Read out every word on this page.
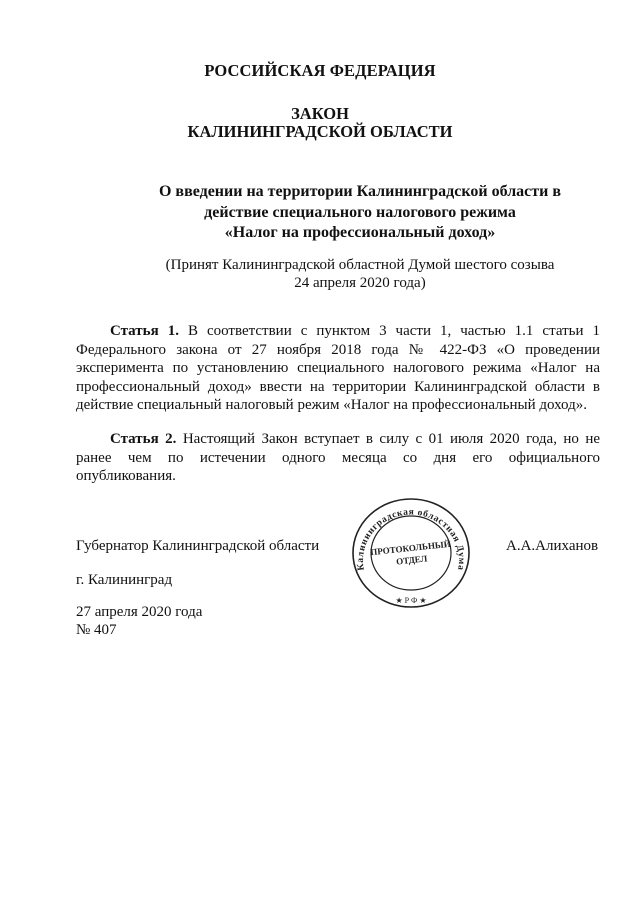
РОССИЙСКАЯ ФЕДЕРАЦИЯ
ЗАКОН
КАЛИНИНГРАДСКОЙ ОБЛАСТИ
О введении на территории Калининградской области в
действие специального налогового режима
«Налог на профессиональный доход»
(Принят Калининградской областной Думой шестого созыва
24 апреля 2020 года)
Статья 1. В соответствии с пунктом 3 части 1, частью 1.1 статьи 1
Федерального закона от 27 ноября 2018 года № 422-ФЗ «О проведении
эксперимента по установлению специального налогового режима «Налог на
профессиональный доход» ввести на территории Калининградской области в
действие специальный налоговый режим «Налог на профессиональный доход».
Статья 2. Настоящий Закон вступает в силу с 01 июля 2020 года, но не
ранее чем по истечении одного месяца со дня его официального
опубликования.
Губернатор Калининградской области	А.А.Алиханов
г. Калининград
27 апреля 2020 года
№ 407
Калининградская областная Дума
ПРОТОКОЛЬНЫЙ
ОТДЕЛ
★ Р Ф ★
